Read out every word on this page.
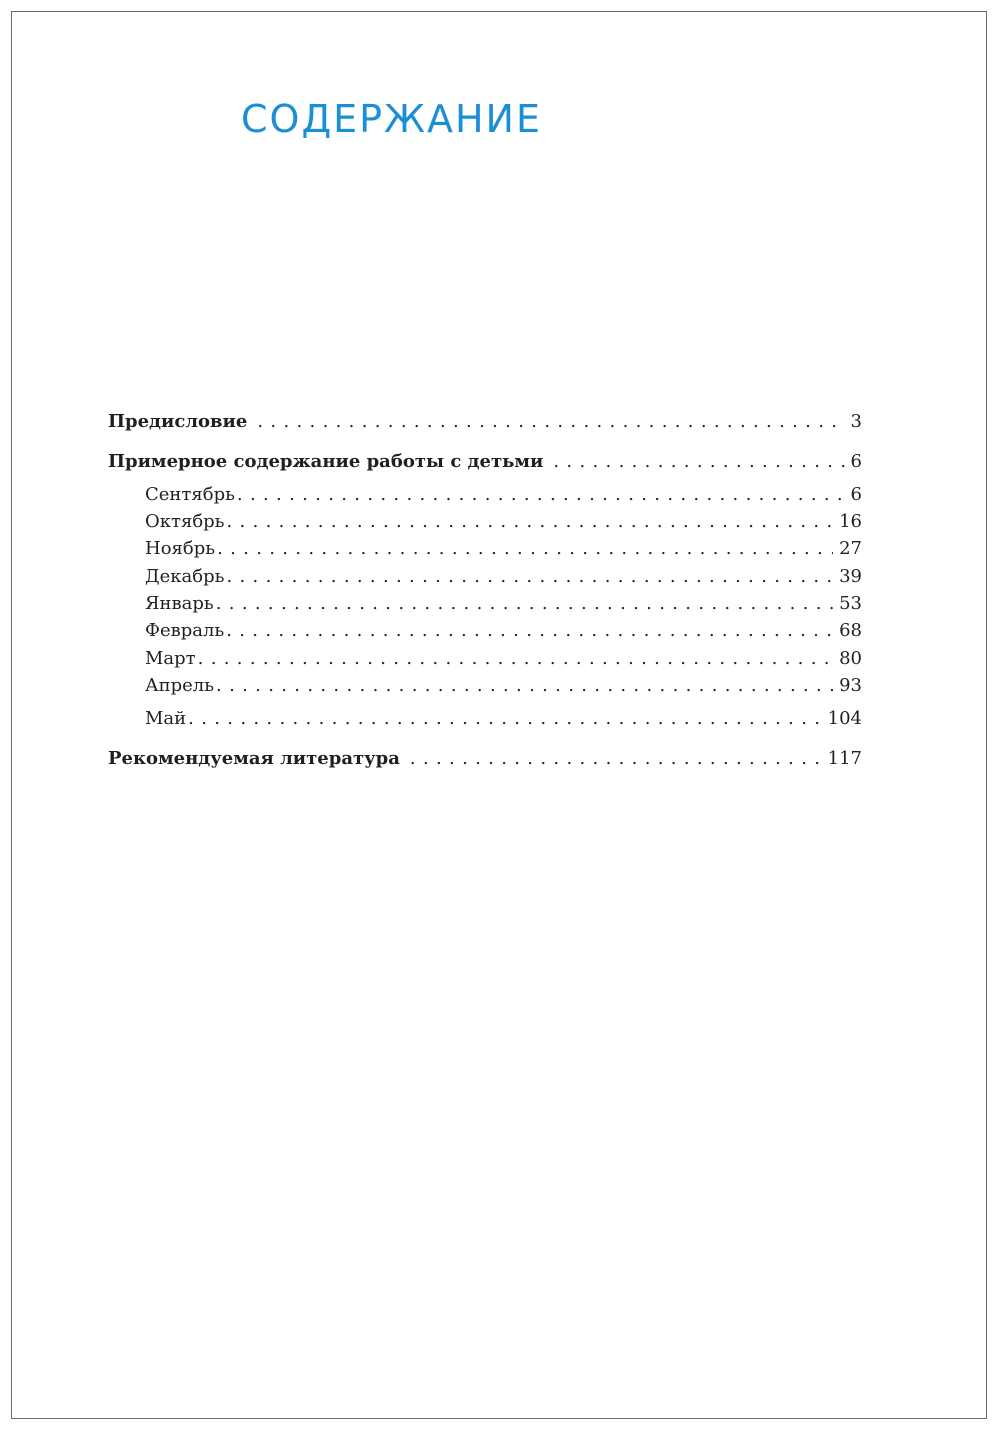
СОДЕРЖАНИЕ
Предисловие . . .	3
Примерное содержание работы с детьми . . .	6
Сентябрь . . .	6
Октябрь . . .	16
Ноябрь . . .	27
Декабрь . . .	39
Январь . . .	53
Февраль . . .	68
Март . . .	80
Апрель . . .	93
Май . . .	104
Рекомендуемая литература . . .	117
